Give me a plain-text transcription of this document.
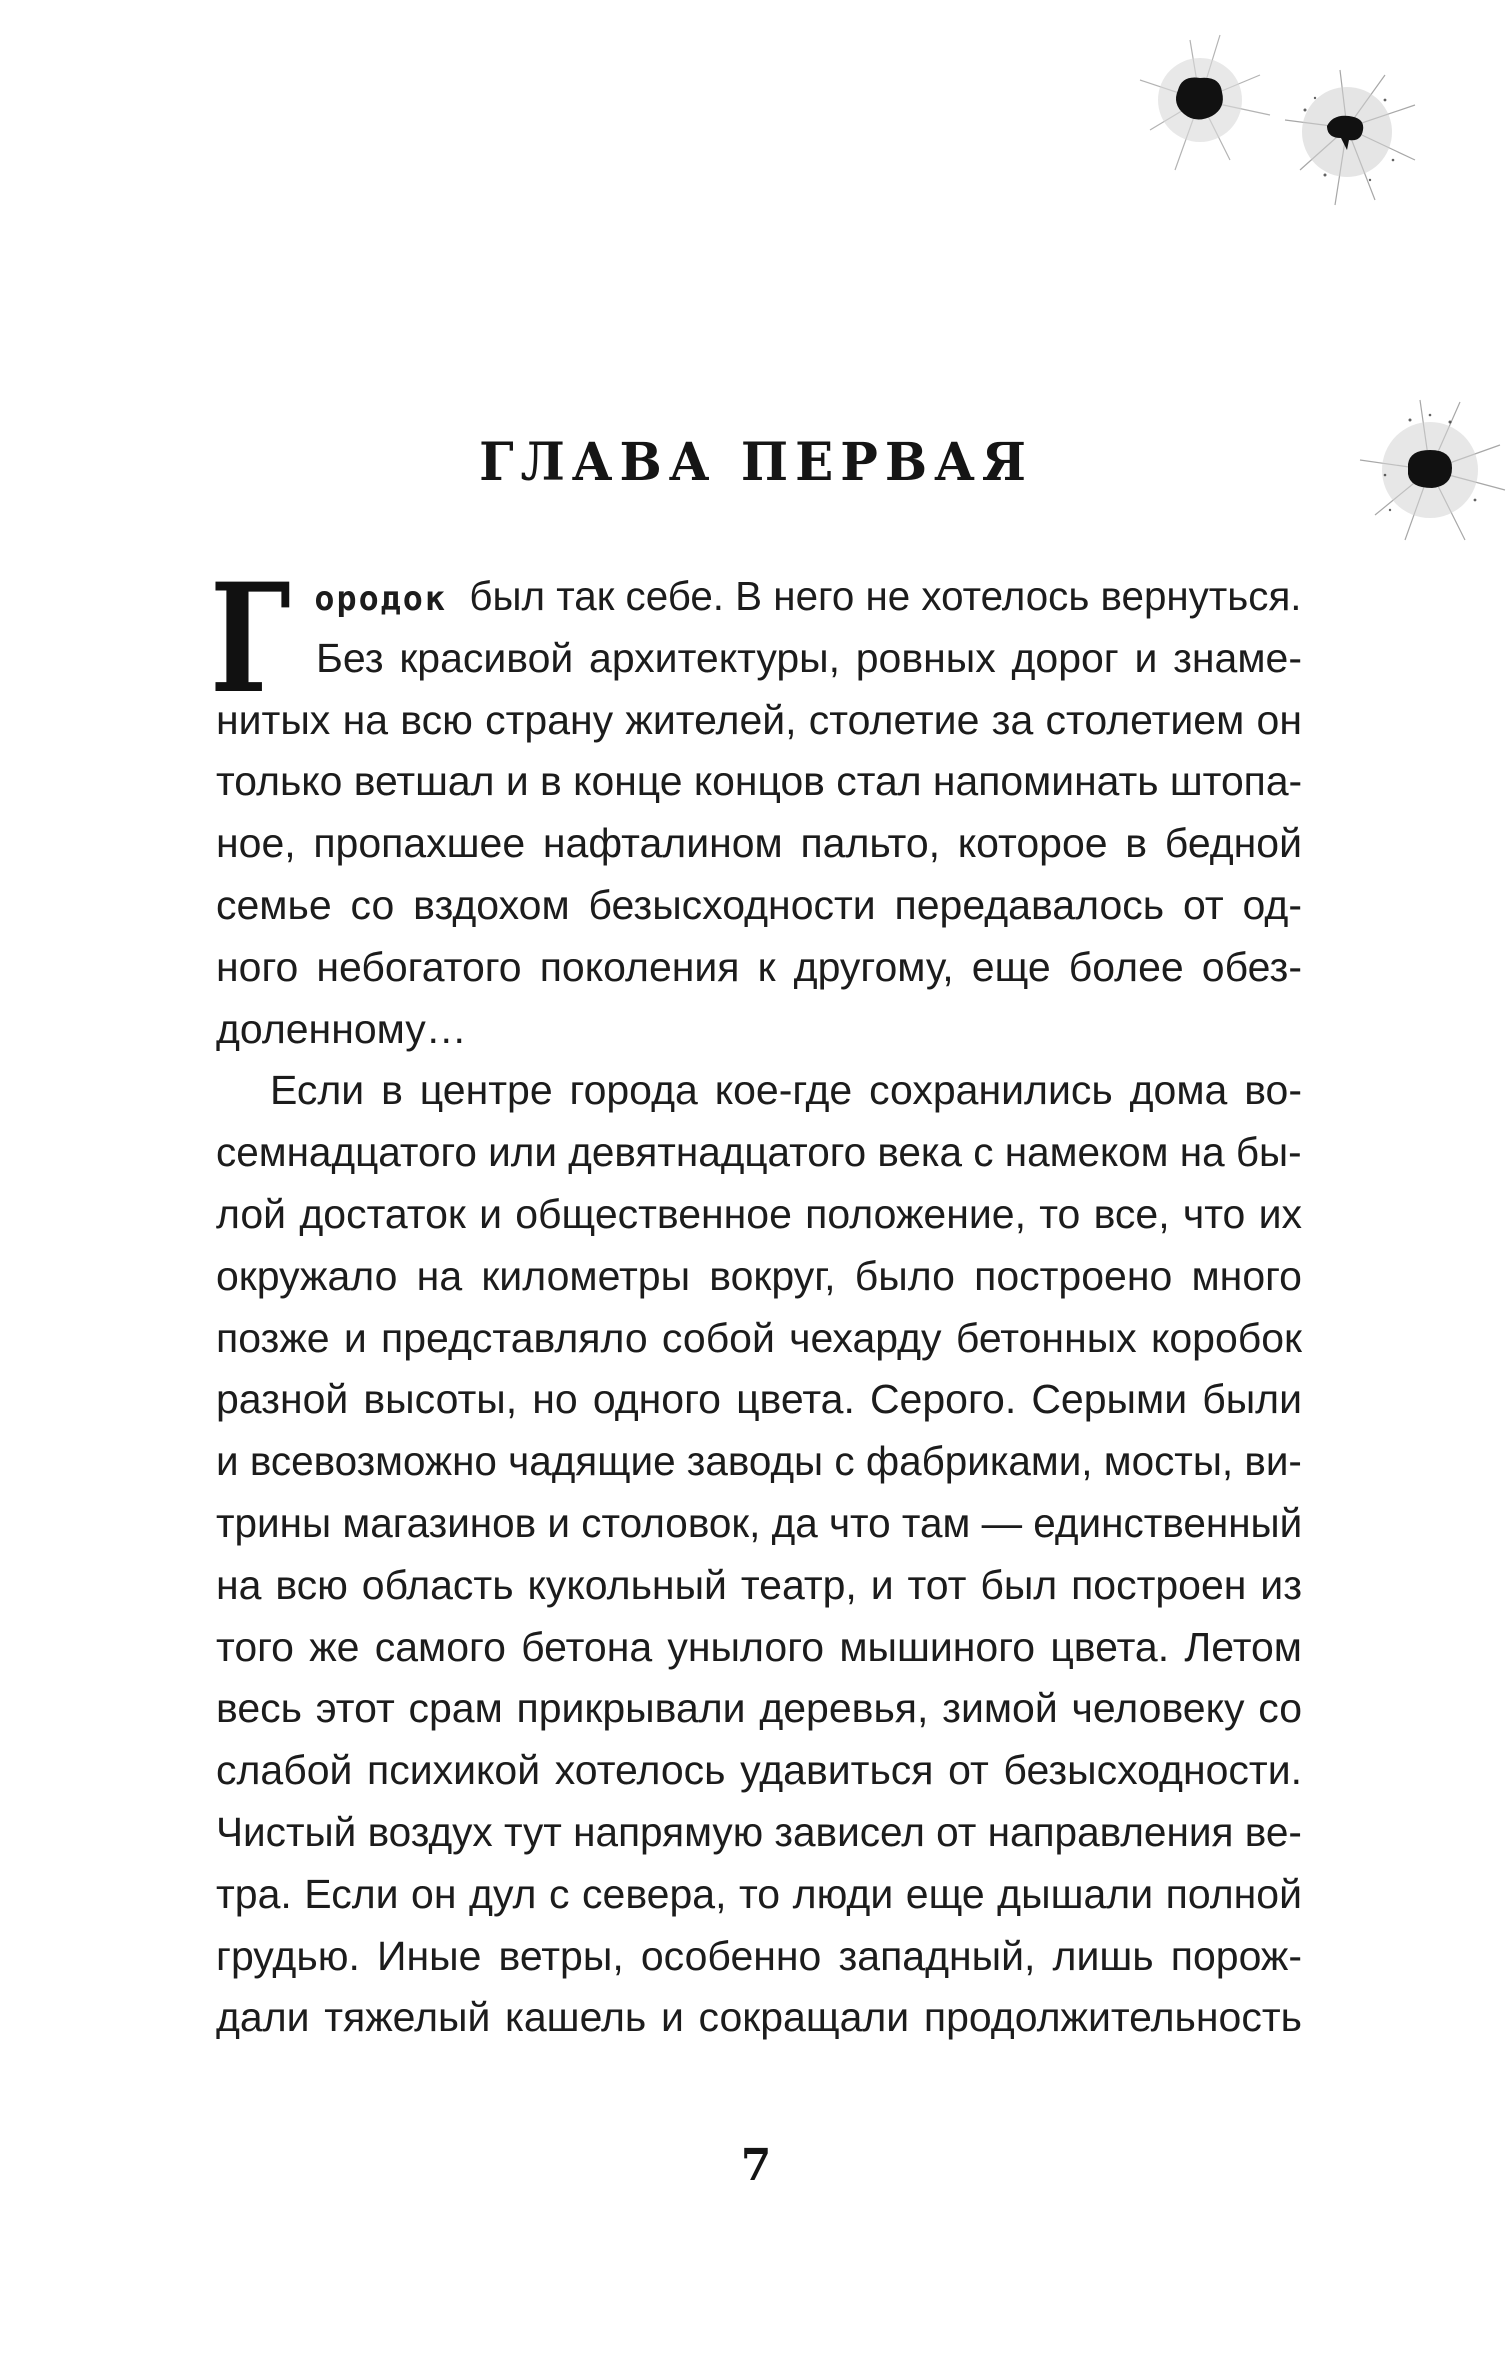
ГЛАВА ПЕРВАЯ
Г ородок был так себе. В него не хотелось вернуться.
Без красивой архитектуры, ровных дорог и знаме-
нитых на всю страну жителей, столетие за столетием он
только ветшал и в конце концов стал напоминать штопа-
ное, пропахшее нафталином пальто, которое в бедной
семье со вздохом безысходности передавалось от од-
ного небогатого поколения к другому, еще более обез-
доленному…
Если в центре города кое-где сохранились дома во-
семнадцатого или девятнадцатого века с намеком на бы-
лой достаток и общественное положение, то все, что их
окружало на километры вокруг, было построено много
позже и представляло собой чехарду бетонных коробок
разной высоты, но одного цвета. Серого. Серыми были
и всевозможно чадящие заводы с фабриками, мосты, ви-
трины магазинов и столовок, да что там — единственный
на всю область кукольный театр, и тот был построен из
того же самого бетона унылого мышиного цвета. Летом
весь этот срам прикрывали деревья, зимой человеку со
слабой психикой хотелось удавиться от безысходности.
Чистый воздух тут напрямую зависел от направления ве-
тра. Если он дул с севера, то люди еще дышали полной
грудью. Иные ветры, особенно западный, лишь порож-
дали тяжелый кашель и сокращали продолжительность
7
